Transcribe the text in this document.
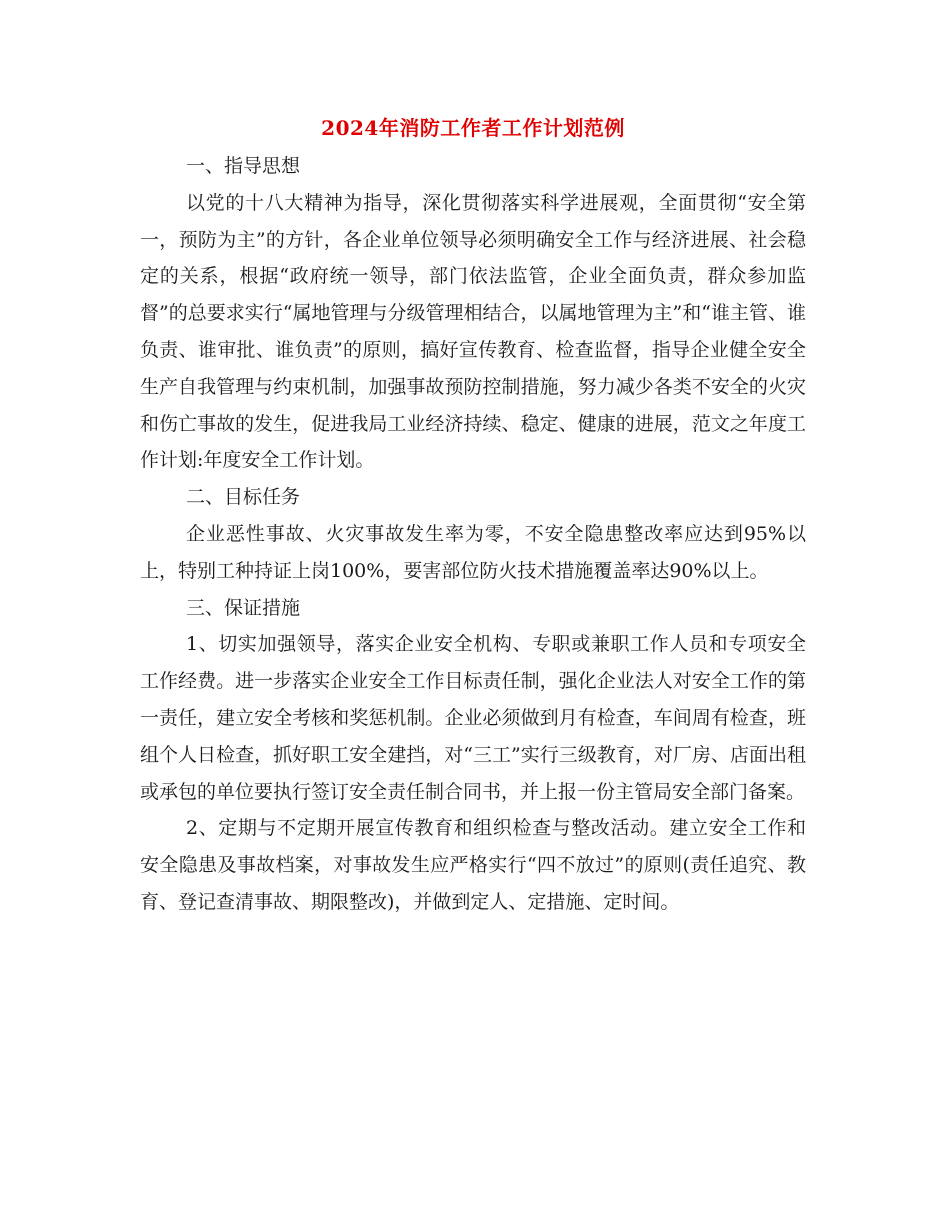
2024年消防工作者工作计划范例

一、指导思想

以党的十八大精神为指导，深化贯彻落实科学进展观，全面贯彻“安全第一，预防为主”的方针，各企业单位领导必须明确安全工作与经济进展、社会稳定的关系，根据“政府统一领导，部门依法监管，企业全面负责，群众参加监督”的总要求实行“属地管理与分级管理相结合，以属地管理为主”和“谁主管、谁负责、谁审批、谁负责”的原则，搞好宣传教育、检查监督，指导企业健全安全生产自我管理与约束机制，加强事故预防控制措施，努力减少各类不安全的火灾和伤亡事故的发生，促进我局工业经济持续、稳定、健康的进展，范文之年度工作计划:年度安全工作计划。

二、目标任务

企业恶性事故、火灾事故发生率为零，不安全隐患整改率应达到95%以上，特别工种持证上岗100%，要害部位防火技术措施覆盖率达90%以上。

三、保证措施

1、切实加强领导，落实企业安全机构、专职或兼职工作人员和专项安全工作经费。进一步落实企业安全工作目标责任制，强化企业法人对安全工作的第一责任，建立安全考核和奖惩机制。企业必须做到月有检查，车间周有检查，班组个人日检查，抓好职工安全建挡，对“三工”实行三级教育，对厂房、店面出租或承包的单位要执行签订安全责任制合同书，并上报一份主管局安全部门备案。

2、定期与不定期开展宣传教育和组织检查与整改活动。建立安全工作和安全隐患及事故档案，对事故发生应严格实行“四不放过”的原则(责任追究、教育、登记查清事故、期限整改)，并做到定人、定措施、定时间。
